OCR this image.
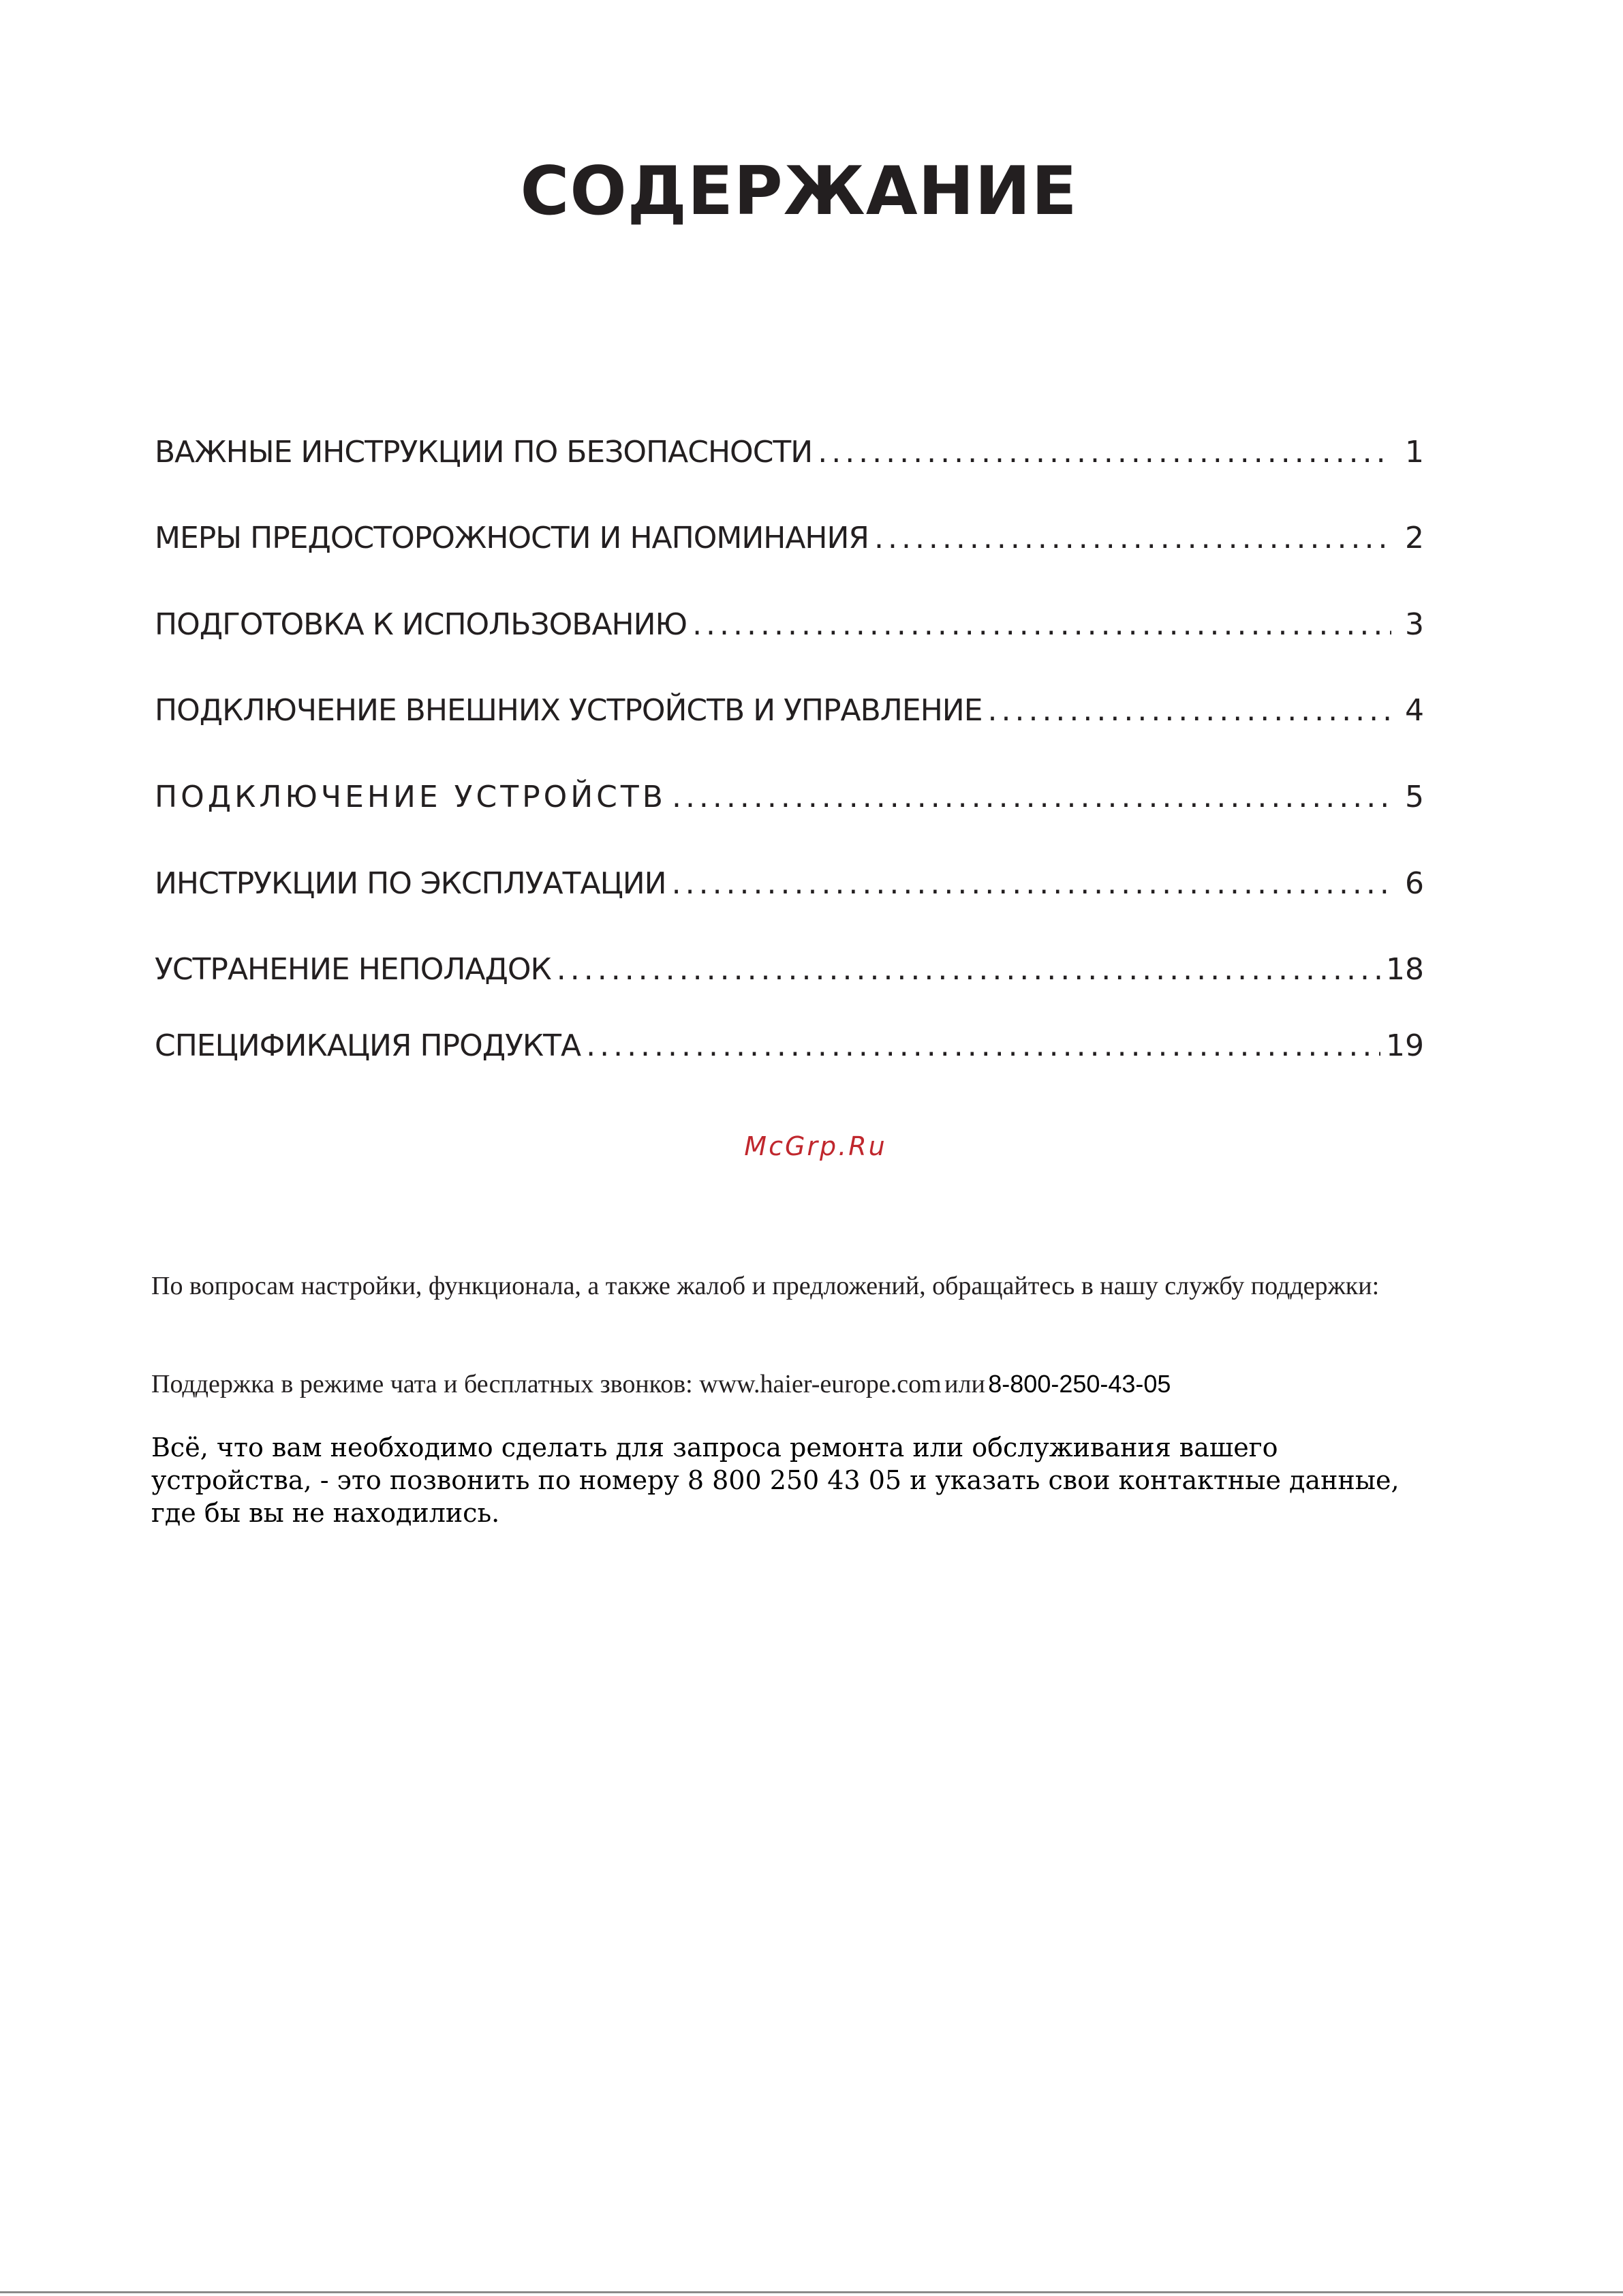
СОДЕРЖАНИЕ
ВАЖНЫЕ ИНСТРУКЦИИ ПО БЕЗОПАСНОСТИ .....	1
МЕРЫ ПРЕДОСТОРОЖНОСТИ И НАПОМИНАНИЯ .....	2
ПОДГОТОВКА К ИСПОЛЬЗОВАНИЮ .....	3
ПОДКЛЮЧЕНИЕ ВНЕШНИХ УСТРОЙСТВ И УПРАВЛЕНИЕ .....	4
ПОДКЛЮЧЕНИЕ УСТРОЙСТВ .....	5
ИНСТРУКЦИИ ПО ЭКСПЛУАТАЦИИ .....	6
УСТРАНЕНИЕ НЕПОЛАДОК .....	18
СПЕЦИФИКАЦИЯ ПРОДУКТА .....	19
McGrp.Ru
По вопросам настройки, функционала, а также жалоб и предложений, обращайтесь в нашу службу поддержки:
Поддержка в режиме чата и бесплатных звонков: www.haier-europe.com или 8-800-250-43-05
Всё, что вам необходимо сделать для запроса ремонта или обслуживания вашего устройства, - это позвонить по номеру 8 800 250 43 05 и указать свои контактные данные, где бы вы не находились.
